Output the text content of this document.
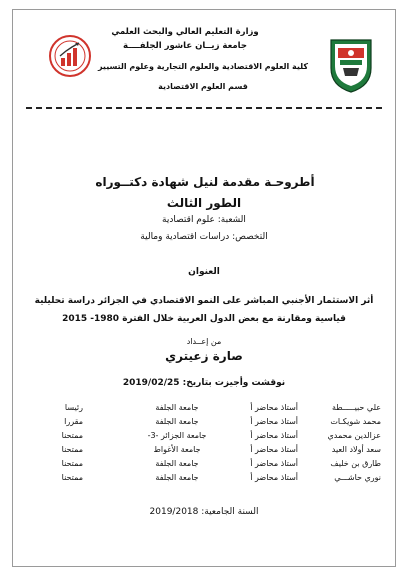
وزارة التعليم العالي والبحث العلمي
جامعة زيــان عاشور الجلفــــة
كلية العلوم الاقتصادية والعلوم التجارية وعلوم التسيير
قسم العلوم الاقتصادية
أطروحـة مقدمة لنيل شهادة دكتــوراه
الطور الثالث
الشعبة: علوم اقتصادية
التخصص: دراسات اقتصادية ومالية
العنوان
أثر الاستثمار الأجنبي المباشر على النمو الاقتصادي في الجزائر دراسة تحليلية
قياسية ومقارنة مع بعض الدول العربية خلال الفترة 1980- 2015
من إعــداد
صارة زعيتري
نوقشت وأجيزت بتاريخ: 2019/02/25
علي حبيـــــطة
أستاذ محاضر أ
جامعة الجلفة
رئيسا
محمد شويكـات
أستاذ محاضر أ
جامعة الجلفة
مقررا
عزالدين محمدي
أستاذ محاضر أ
جامعة الجزائر -3-
ممتحنا
سعد أولاد العيد
أستاذ محاضر أ
جامعة الأغواط
ممتحنا
طارق بن خليف
أستاذ محاضر أ
جامعة الجلفة
ممتحنا
نوري حاشـــي
أستاذ محاضر أ
جامعة الجلفة
ممتحنا
السنة الجامعية: 2019/2018
